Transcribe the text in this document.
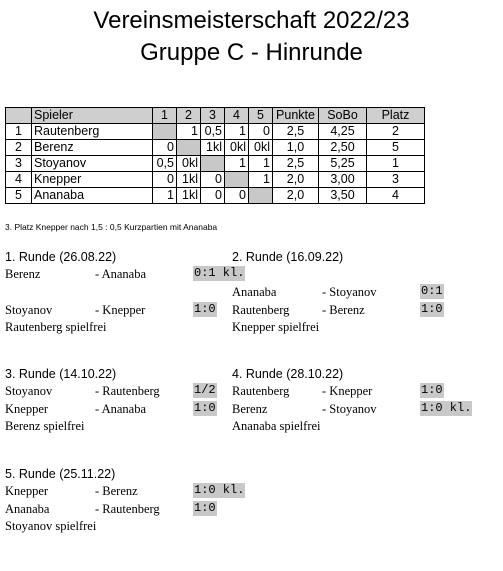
Vereinsmeisterschaft 2022/23
Gruppe C - Hinrunde
	Spieler	1	2	3	4	5	Punkte	SoBo	Platz
1	Rautenberg		1	0,5	1	0	2,5	4,25	2
2	Berenz	0		1kl	0kl	0kl	1,0	2,50	5
3	Stoyanov	0,5	0kl		1	1	2,5	5,25	1
4	Knepper	0	1kl	0		1	2,0	3,00	3
5	Ananaba	1	1kl	0	0		2,0	3,50	4
3. Platz Knepper nach 1,5 : 0,5 Kurzpartien mit Ananaba
1. Runde (26.08.22)
Berenz	- Ananaba	0:1 kl.
Stoyanov	- Knepper	1:0
Rautenberg spielfrei
2. Runde (16.09.22)
Ananaba	- Stoyanov	0:1
Rautenberg	- Berenz	1:0
Knepper spielfrei
3. Runde (14.10.22)
Stoyanov	- Rautenberg	1/2
Knepper	- Ananaba	1:0
Berenz spielfrei
4. Runde (28.10.22)
Rautenberg	- Knepper	1:0
Berenz	- Stoyanov	1:0 kl.
Ananaba spielfrei
5. Runde (25.11.22)
Knepper	- Berenz	1:0 kl.
Ananaba	- Rautenberg	1:0
Stoyanov spielfrei
